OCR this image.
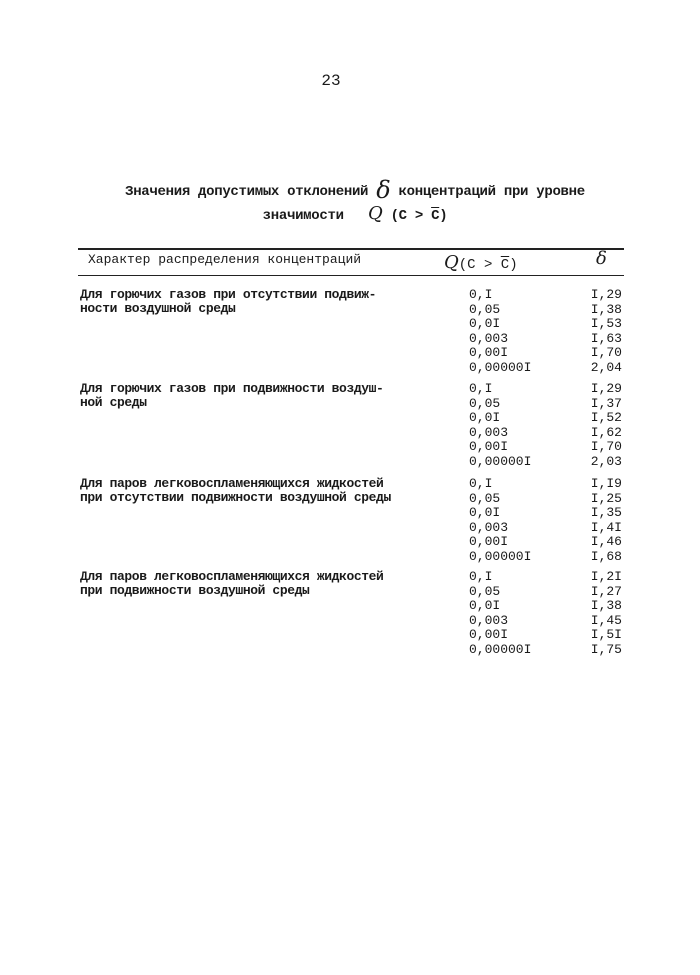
23
Значения допустимых отклонений δ концентраций при уровне
значимости Q (С > С)
Характер распределения концентраций	Q(С > С)	δ
Для горючих газов при отсутствии подвиж-
ности воздушной среды
0,I
0,05
0,0I
0,003
0,00I
0,00000I
I,29
I,38
I,53
I,63
I,70
2,04
Для горючих газов при подвижности воздуш-
ной среды
0,I
0,05
0,0I
0,003
0,00I
0,00000I
I,29
I,37
I,52
I,62
I,70
2,03
Для паров легковоспламеняющихся жидкостей
при отсутствии подвижности воздушной среды
0,I
0,05
0,0I
0,003
0,00I
0,00000I
I,I9
I,25
I,35
I,4I
I,46
I,68
Для паров легковоспламеняющихся жидкостей
при подвижности воздушной среды
0,I
0,05
0,0I
0,003
0,00I
0,00000I
I,2I
I,27
I,38
I,45
I,5I
I,75
